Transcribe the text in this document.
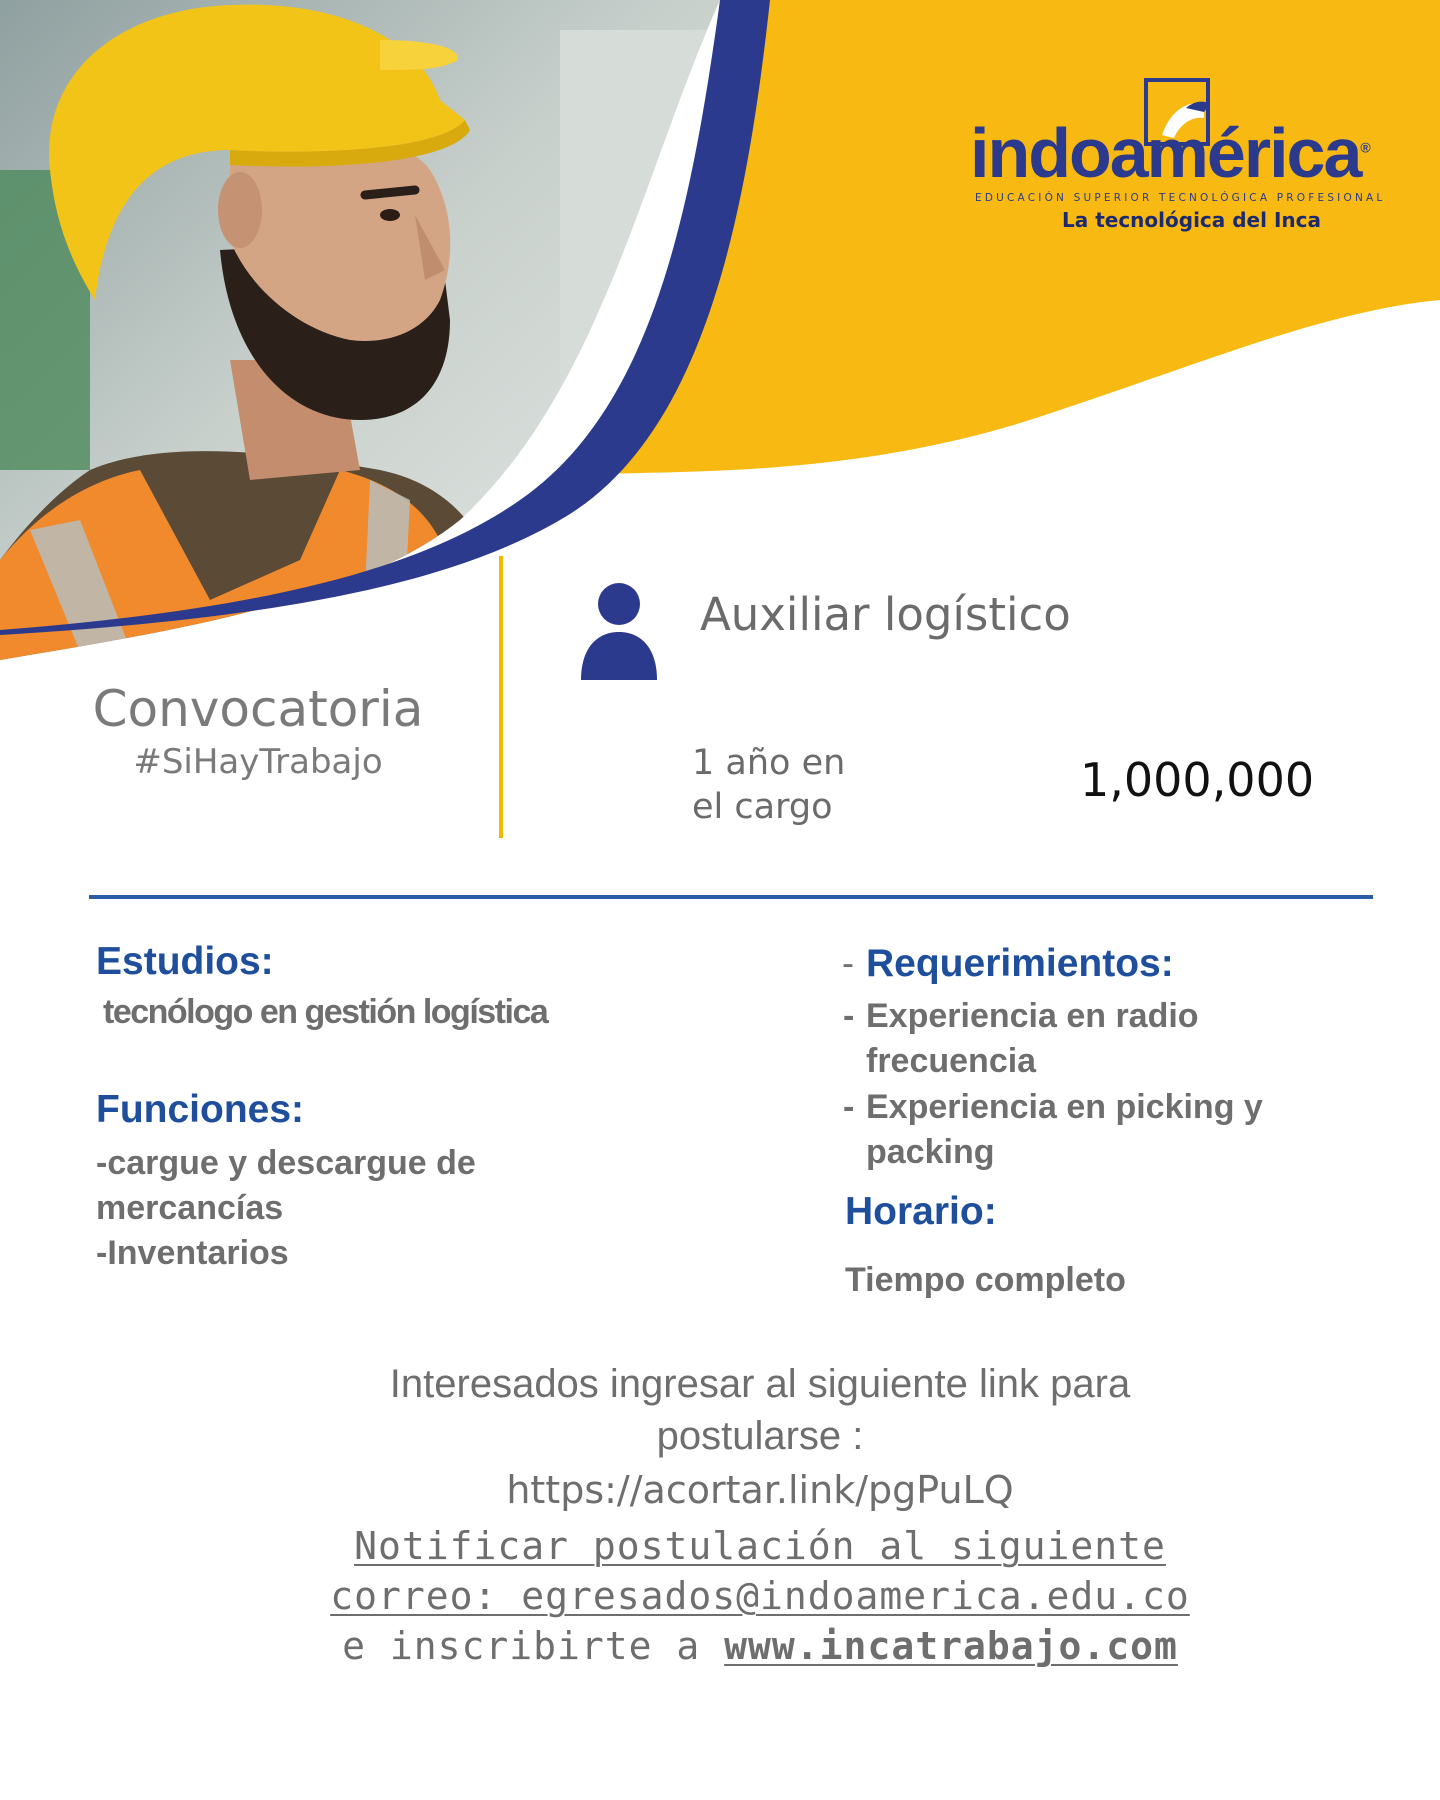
indoamérica®
EDUCACIÓN SUPERIOR TECNOLÓGICA PROFESIONAL
La tecnológica del Inca
Convocatoria
#SiHayTrabajo
Auxiliar logístico
1 año en
el cargo
$	1,000,000
Estudios:
tecnólogo en gestión logística
Funciones:
-cargue y descargue de mercancías
-Inventarios
- Requerimientos:
- Experiencia en radio frecuencia
- Experiencia en picking y packing
Horario:
Tiempo completo
Interesados ingresar al siguiente link para
postularse :
https://acortar.link/pgPuLQ
Notificar postulación al siguiente
correo: egresados@indoamerica.edu.co
e inscribirte a www.incatrabajo.com
